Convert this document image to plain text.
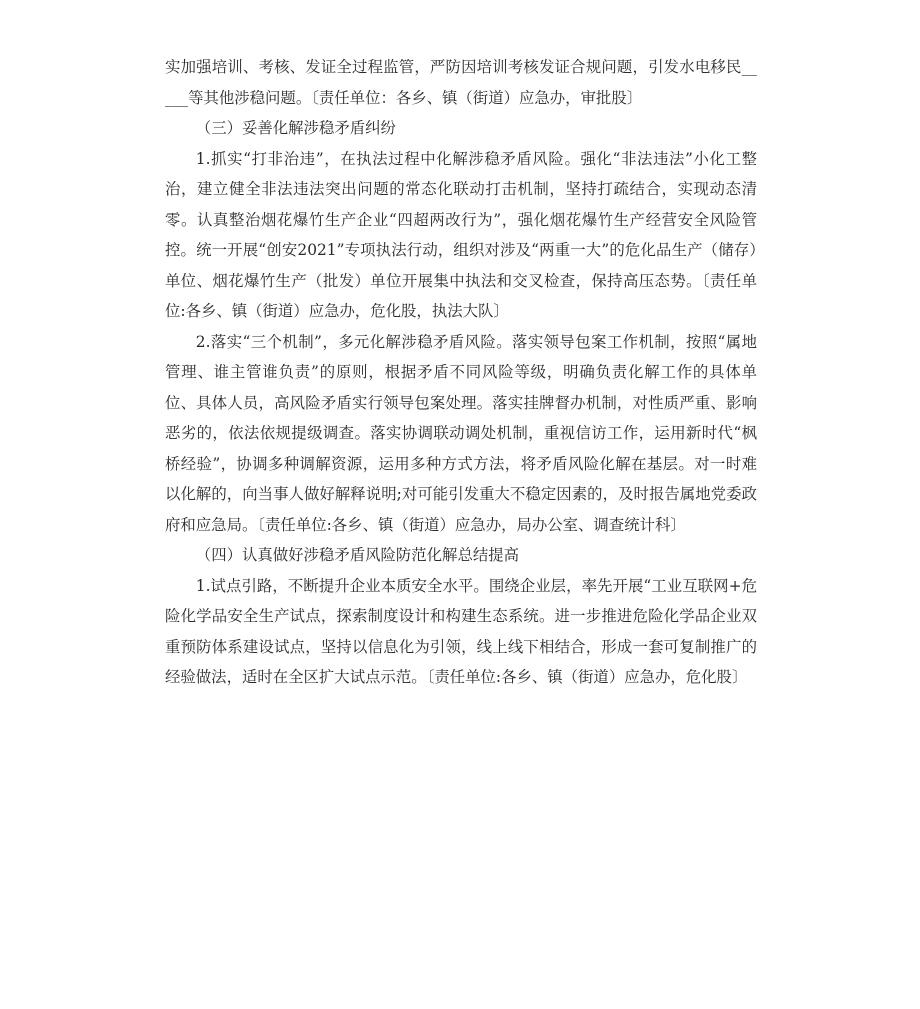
实加强培训、考核、发证全过程监管，严防因培训考核发证合规问题，引发水电移民_____等其他涉稳问题。〔责任单位：各乡、镇（街道）应急办，审批股〕

（三）妥善化解涉稳矛盾纠纷

1.抓实“打非治违”，在执法过程中化解涉稳矛盾风险。强化“非法违法”小化工整治，建立健全非法违法突出问题的常态化联动打击机制，坚持打疏结合，实现动态清零。认真整治烟花爆竹生产企业“四超两改行为”，强化烟花爆竹生产经营安全风险管控。统一开展“创安2021”专项执法行动，组织对涉及“两重一大”的危化品生产（储存）单位、烟花爆竹生产（批发）单位开展集中执法和交叉检查，保持高压态势。〔责任单位:各乡、镇（街道）应急办，危化股，执法大队〕

2.落实“三个机制”，多元化解涉稳矛盾风险。落实领导包案工作机制，按照“属地管理、谁主管谁负责”的原则，根据矛盾不同风险等级，明确负责化解工作的具体单位、具体人员，高风险矛盾实行领导包案处理。落实挂牌督办机制，对性质严重、影响恶劣的，依法依规提级调查。落实协调联动调处机制，重视信访工作，运用新时代“枫桥经验”，协调多种调解资源，运用多种方式方法，将矛盾风险化解在基层。对一时难以化解的，向当事人做好解释说明;对可能引发重大不稳定因素的，及时报告属地党委政府和应急局。〔责任单位:各乡、镇（街道）应急办，局办公室、调查统计科〕

（四）认真做好涉稳矛盾风险防范化解总结提高

1.试点引路，不断提升企业本质安全水平。围绕企业层，率先开展“工业互联网+危险化学品安全生产试点，探索制度设计和构建生态系统。进一步推进危险化学品企业双重预防体系建设试点，坚持以信息化为引领，线上线下相结合，形成一套可复制推广的经验做法，适时在全区扩大试点示范。〔责任单位:各乡、镇（街道）应急办，危化股〕
